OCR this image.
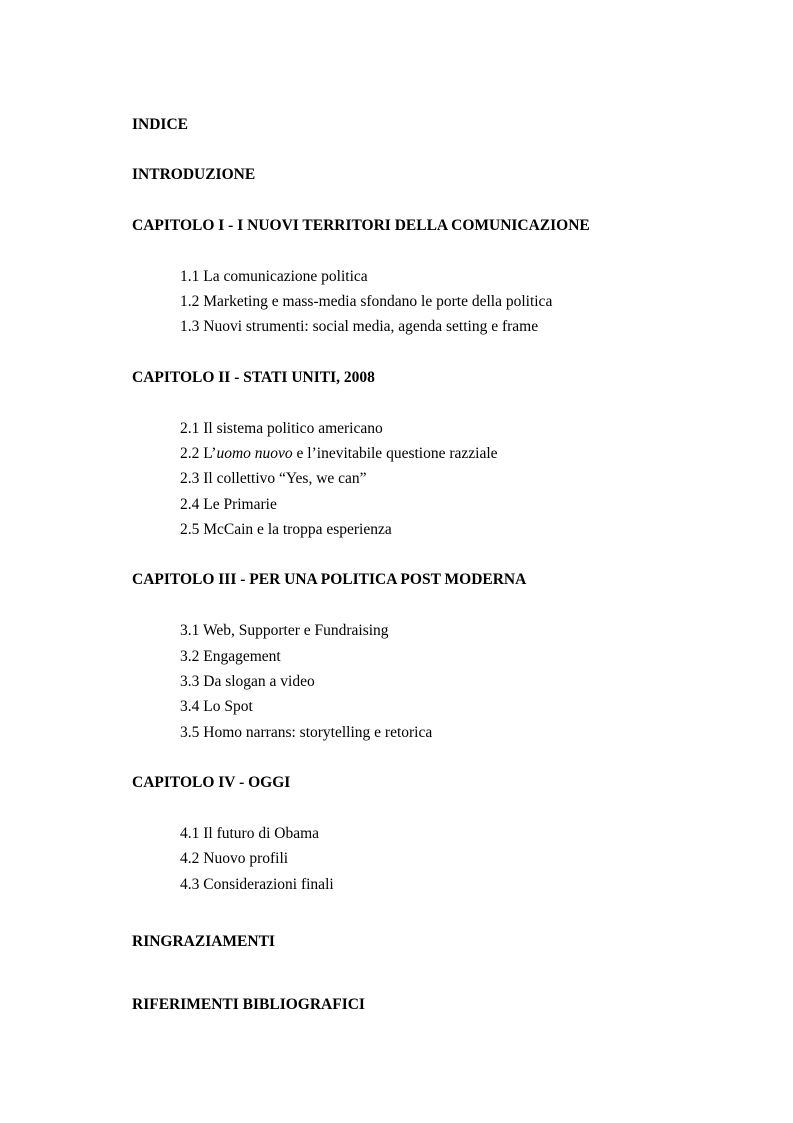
INDICE
INTRODUZIONE
CAPITOLO I - I NUOVI TERRITORI DELLA COMUNICAZIONE
1.1 La comunicazione politica
1.2 Marketing e mass-media sfondano le porte della politica
1.3 Nuovi strumenti: social media, agenda setting e frame
CAPITOLO II - STATI UNITI, 2008
2.1 Il sistema politico americano
2.2 L’uomo nuovo e l’inevitabile questione razziale
2.3 Il collettivo “Yes, we can”
2.4 Le Primarie
2.5 McCain e la troppa esperienza
CAPITOLO III - PER UNA POLITICA POST MODERNA
3.1 Web, Supporter e Fundraising
3.2 Engagement
3.3 Da slogan a video
3.4 Lo Spot
3.5 Homo narrans: storytelling e retorica
CAPITOLO IV - OGGI
4.1 Il futuro di Obama
4.2 Nuovo profili
4.3 Considerazioni finali
RINGRAZIAMENTI
RIFERIMENTI BIBLIOGRAFICI
